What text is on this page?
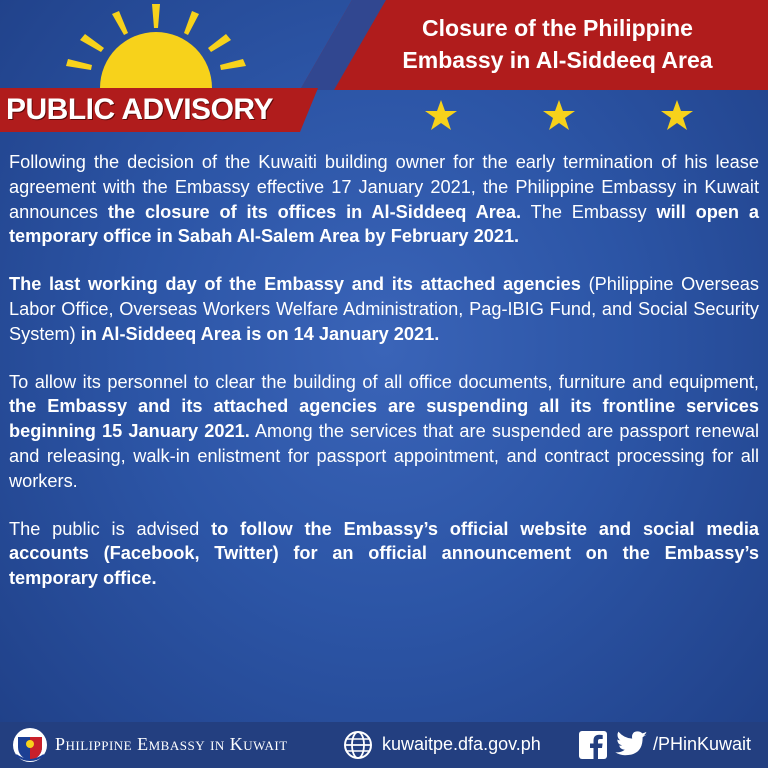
Closure of the Philippine
Embassy in Al-Siddeeq Area
PUBLIC ADVISORY

Following the decision of the Kuwaiti building owner for the early termination of his lease agreement with the Embassy effective 17 January 2021, the Philippine Embassy in Kuwait announces the closure of its offices in Al-Siddeeq Area. The Embassy will open a temporary office in Sabah Al-Salem Area by February 2021.

The last working day of the Embassy and its attached agencies (Philippine Overseas Labor Office, Overseas Workers Welfare Administration, Pag-IBIG Fund, and Social Security System) in Al-Siddeeq Area is on 14 January 2021.

To allow its personnel to clear the building of all office documents, furniture and equipment, the Embassy and its attached agencies are suspending all its frontline services beginning 15 January 2021. Among the services that are suspended are passport renewal and releasing, walk-in enlistment for passport appointment, and contract processing for all workers.

The public is advised to follow the Embassy’s official website and social media accounts (Facebook, Twitter) for an official announcement on the Embassy’s temporary office.

Philippine Embassy in Kuwait	kuwaitpe.dfa.gov.ph	/PHinKuwait
